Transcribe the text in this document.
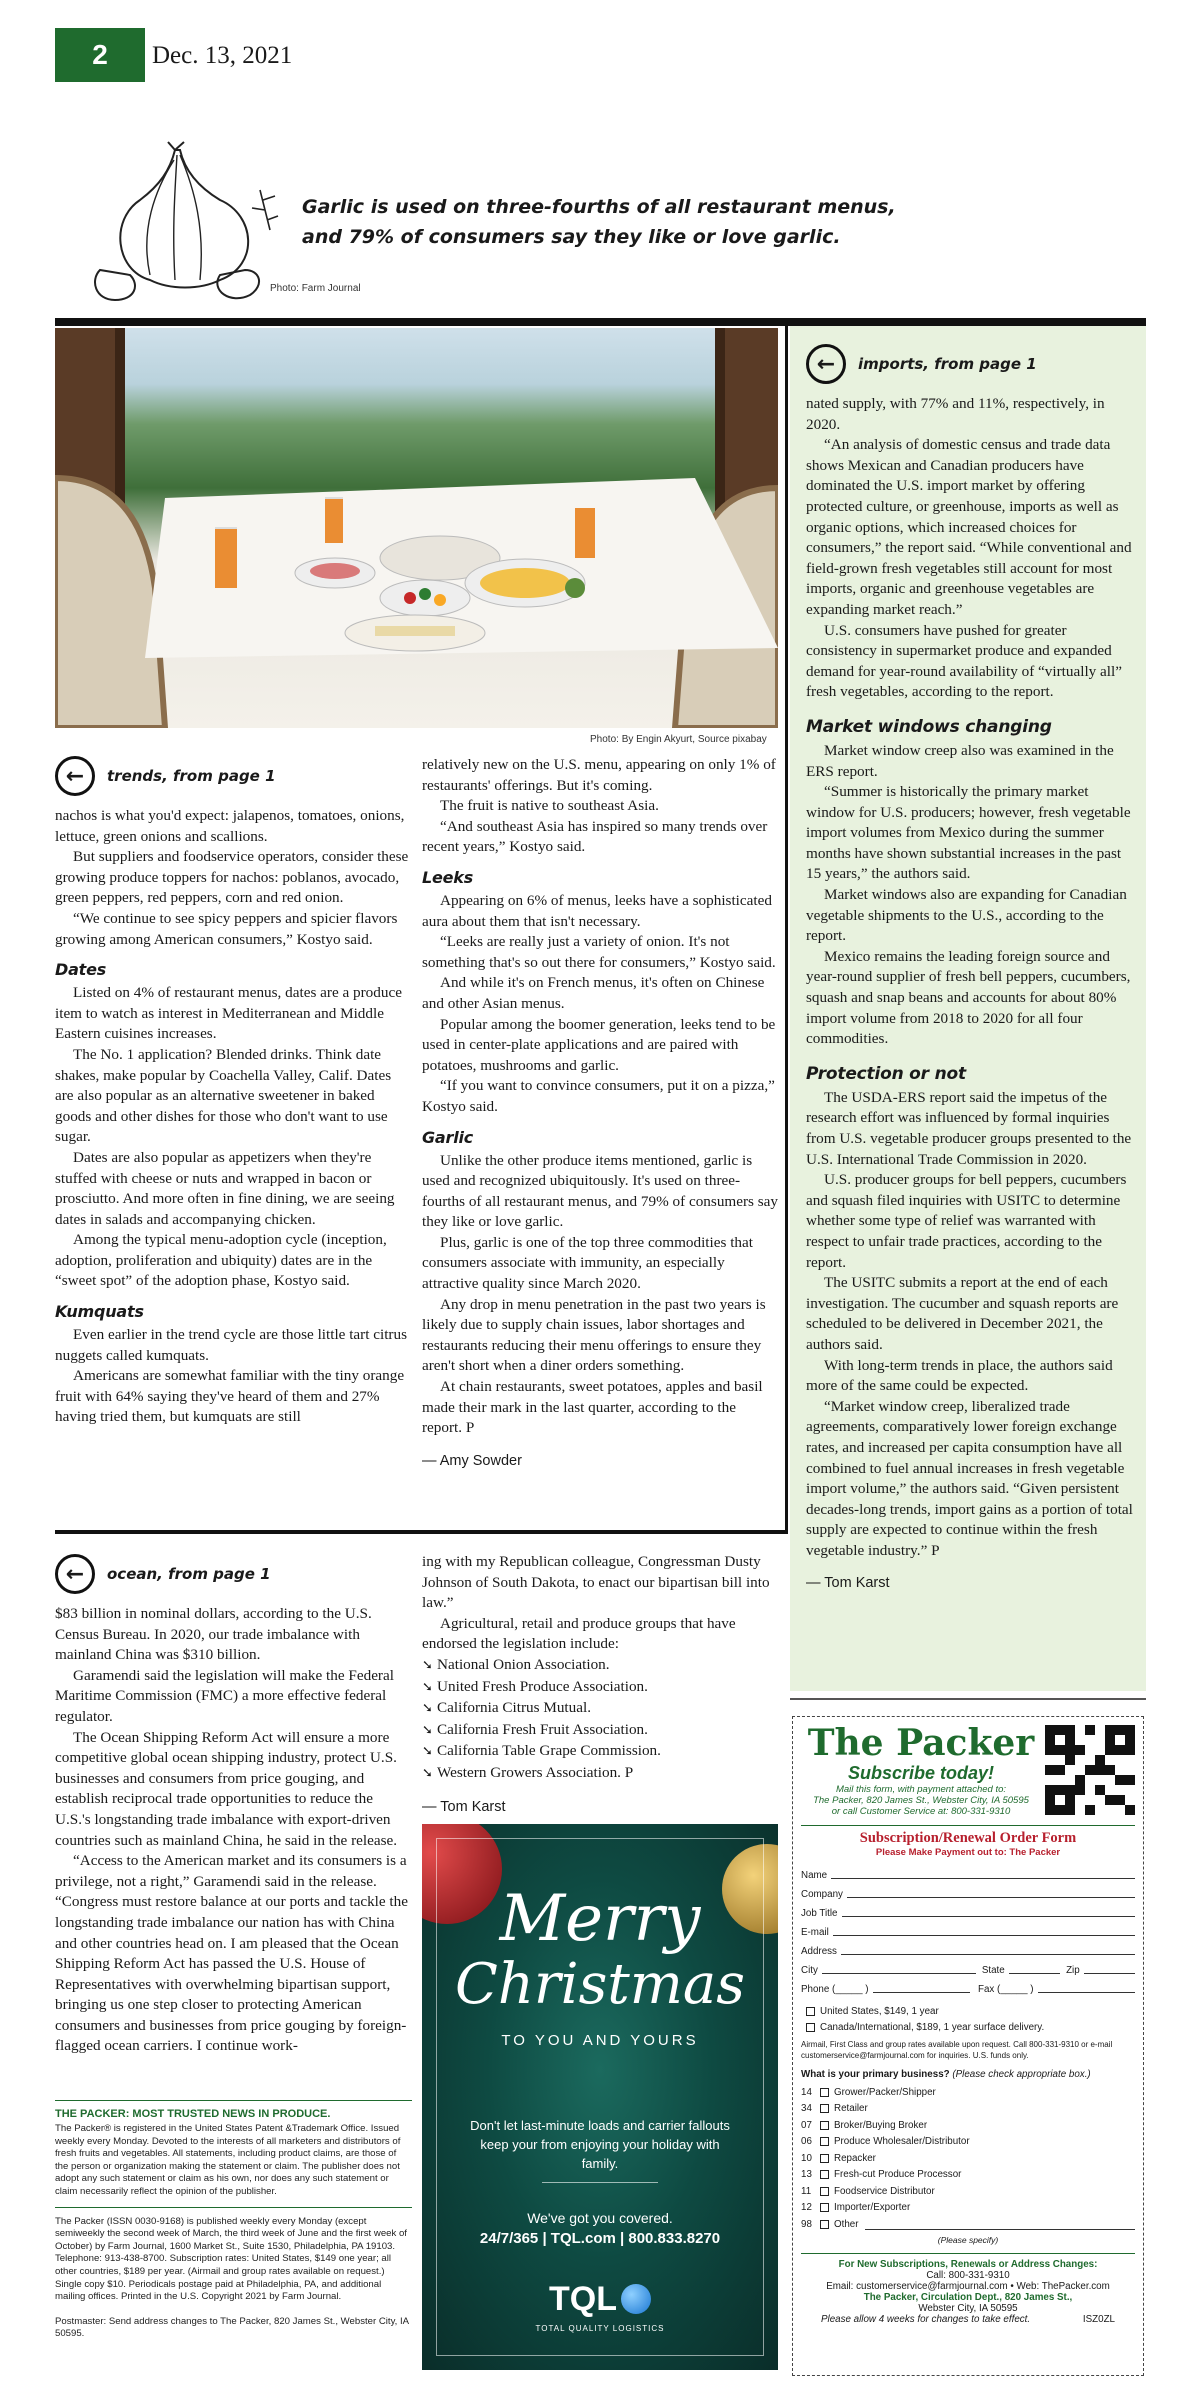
2 Dec. 13, 2021
Garlic is used on three-fourths of all restaurant menus, and 79% of consumers say they like or love garlic.
Photo: Farm Journal
Photo: By Engin Akyurt, Source pixabay
←	trends, from page 1

nachos is what you'd expect: jalapenos, tomatoes, onions, lettuce, green onions and scallions.

But suppliers and foodservice operators, consider these growing produce toppers for nachos: poblanos, avocado, green peppers, red peppers, corn and red onion.

“We continue to see spicy peppers and spicier flavors growing among American consumers,” Kostyo said.

Dates

Listed on 4% of restaurant menus, dates are a produce item to watch as interest in Mediterranean and Middle Eastern cuisines increases.

The No. 1 application? Blended drinks. Think date shakes, make popular by Coachella Valley, Calif. Dates are also popular as an alternative sweetener in baked goods and other dishes for those who don't want to use sugar.

Dates are also popular as appetizers when they're stuffed with cheese or nuts and wrapped in bacon or prosciutto. And more often in fine dining, we are seeing dates in salads and accompanying chicken.

Among the typical menu-adoption cycle (inception, adoption, proliferation and ubiquity) dates are in the “sweet spot” of the adoption phase, Kostyo said.

Kumquats

Even earlier in the trend cycle are those little tart citrus nuggets called kumquats.

Americans are somewhat familiar with the tiny orange fruit with 64% saying they've heard of them and 27% having tried them, but kumquats are still

relatively new on the U.S. menu, appearing on only 1% of restaurants' offerings. But it's coming.

The fruit is native to southeast Asia.

“And southeast Asia has inspired so many trends over recent years,” Kostyo said.

Leeks

Appearing on 6% of menus, leeks have a sophisticated aura about them that isn't necessary.

“Leeks are really just a variety of onion. It's not something that's so out there for consumers,” Kostyo said.

And while it's on French menus, it's often on Chinese and other Asian menus.

Popular among the boomer generation, leeks tend to be used in center-plate applications and are paired with potatoes, mushrooms and garlic.

“If you want to convince consumers, put it on a pizza,” Kostyo said.

Garlic

Unlike the other produce items mentioned, garlic is used and recognized ubiquitously. It's used on three-fourths of all restaurant menus, and 79% of consumers say they like or love garlic.

Plus, garlic is one of the top three commodities that consumers associate with immunity, an especially attractive quality since March 2020.

Any drop in menu penetration in the past two years is likely due to supply chain issues, labor shortages and restaurants reducing their menu offerings to ensure they aren't short when a diner orders something.

At chain restaurants, sweet potatoes, apples and basil made their mark in the last quarter, according to the report. P

— Amy Sowder
←	imports, from page 1

nated supply, with 77% and 11%, respectively, in 2020.

“An analysis of domestic census and trade data shows Mexican and Canadian producers have dominated the U.S. import market by offering protected culture, or greenhouse, imports as well as organic options, which increased choices for consumers,” the report said. “While conventional and field-grown fresh vegetables still account for most imports, organic and greenhouse vegetables are expanding market reach.”

U.S. consumers have pushed for greater consistency in supermarket produce and expanded demand for year-round availability of “virtually all” fresh vegetables, according to the report.

Market windows changing

Market window creep also was examined in the ERS report.

“Summer is historically the primary market window for U.S. producers; however, fresh vegetable import volumes from Mexico during the summer months have shown substantial increases in the past 15 years,” the authors said.

Market windows also are expanding for Canadian vegetable shipments to the U.S., according to the report.

Mexico remains the leading foreign source and year-round supplier of fresh bell peppers, cucumbers, squash and snap beans and accounts for about 80% import volume from 2018 to 2020 for all four commodities.

Protection or not

The USDA-ERS report said the impetus of the research effort was influenced by formal inquiries from U.S. vegetable producer groups presented to the U.S. International Trade Commission in 2020.

U.S. producer groups for bell peppers, cucumbers and squash filed inquiries with USITC to determine whether some type of relief was warranted with respect to unfair trade practices, according to the report.

The USITC submits a report at the end of each investigation. The cucumber and squash reports are scheduled to be delivered in December 2021, the authors said.

With long-term trends in place, the authors said more of the same could be expected.

“Market window creep, liberalized trade agreements, comparatively lower foreign exchange rates, and increased per capita consumption have all combined to fuel annual increases in fresh vegetable import volume,” the authors said. “Given persistent decades-long trends, import gains as a portion of total supply are expected to continue within the fresh vegetable industry.” P

— Tom Karst
←	ocean, from page 1

$83 billion in nominal dollars, according to the U.S. Census Bureau. In 2020, our trade imbalance with mainland China was $310 billion.

Garamendi said the legislation will make the Federal Maritime Commission (FMC) a more effective federal regulator.

The Ocean Shipping Reform Act will ensure a more competitive global ocean shipping industry, protect U.S. businesses and consumers from price gouging, and establish reciprocal trade opportunities to reduce the U.S.'s longstanding trade imbalance with export-driven countries such as mainland China, he said in the release.

“Access to the American market and its consumers is a privilege, not a right,” Garamendi said in the release. “Congress must restore balance at our ports and tackle the longstanding trade imbalance our nation has with China and other countries head on. I am pleased that the Ocean Shipping Reform Act has passed the U.S. House of Representatives with overwhelming bipartisan support, bringing us one step closer to protecting American consumers and businesses from price gouging by foreign-flagged ocean carriers. I continue work-

ing with my Republican colleague, Congressman Dusty Johnson of South Dakota, to enact our bipartisan bill into law.”

Agricultural, retail and produce groups that have endorsed the legislation include:

➘ National Onion Association.
➘ United Fresh Produce Association.
➘ California Citrus Mutual.
➘ California Fresh Fruit Association.
➘ California Table Grape Commission.
➘ Western Growers Association. P
— Tom Karst
THE PACKER: MOST TRUSTED NEWS IN PRODUCE.
The Packer® is registered in the United States Patent &Trademark Office. Issued weekly every Monday. Devoted to the interests of all marketers and distributors of fresh fruits and vegetables. All statements, including product claims, are those of the person or organization making the statement or claim. The publisher does not adopt any such statement or claim as his own, nor does any such statement or claim necessarily reflect the opinion of the publisher.
The Packer (ISSN 0030-9168) is published weekly every Monday (except semiweekly the second week of March, the third week of June and the first week of October) by Farm Journal, 1600 Market St., Suite 1530, Philadelphia, PA 19103. Telephone: 913-438-8700. Subscription rates: United States, $149 one year; all other countries, $189 per year. (Airmail and group rates available on request.) Single copy $10. Periodicals postage paid at Philadelphia, PA, and additional mailing offices. Printed in the U.S. Copyright 2021 by Farm Journal.
Postmaster: Send address changes to The Packer, 820 James St., Webster City, IA 50595.
Merry
Christmas
TO YOU AND YOURS
Don't let last-minute loads and carrier fallouts keep your from enjoying your holiday with family.
We've got you covered.
24/7/365 | TQL.com | 800.833.8270
TQL
TOTAL QUALITY LOGISTICS
The Packer
Subscribe today!
Mail this form, with payment attached to:
The Packer, 820 James St., Webster City, IA 50595
or call Customer Service at: 800-331-9310
Subscription/Renewal Order Form
Please Make Payment out to: The Packer
Name
Company
Job Title
E-mail
Address
City	State	Zip
Phone (_____ )	Fax (_____ )
United States, $149, 1 year
Canada/International, $189, 1 year surface delivery.
Airmail, First Class and group rates available upon request. Call 800-331-9310 or e-mail customerservice@farmjournal.com for inquiries. U.S. funds only.
What is your primary business? (Please check appropriate box.)
14	Grower/Packer/Shipper
34	Retailer
07	Broker/Buying Broker
06	Produce Wholesaler/Distributor
10	Repacker
13	Fresh-cut Produce Processor
11	Foodservice Distributor
12	Importer/Exporter
98	Other
(Please specify)
For New Subscriptions, Renewals or Address Changes:
Call: 800-331-9310
Email: customerservice@farmjournal.com • Web: ThePacker.com
The Packer, Circulation Dept., 820 James St.,
Webster City, IA 50595
Please allow 4 weeks for changes to take effect.	ISZ0ZL
